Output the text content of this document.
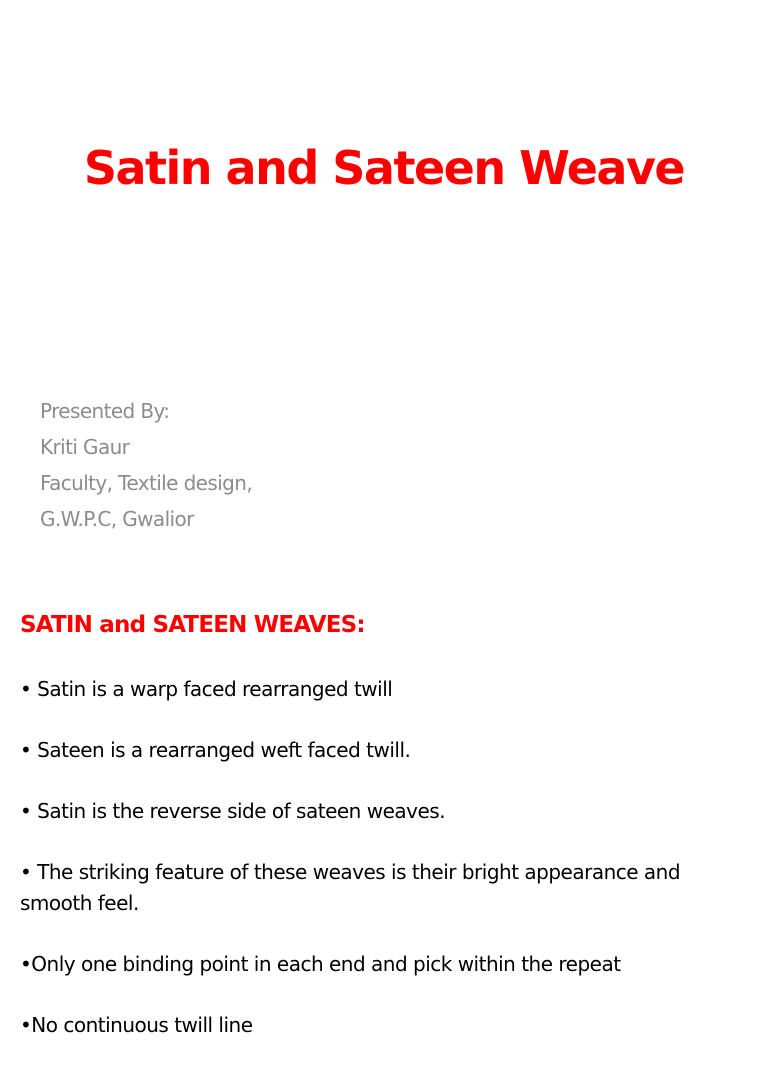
Satin and Sateen Weave
Presented By:
Kriti Gaur
Faculty, Textile design,
G.W.P.C, Gwalior
SATIN and SATEEN WEAVES:
• Satin is a warp faced rearranged twill
• Sateen is a rearranged weft faced twill.
• Satin is the reverse side of sateen weaves.
• The striking feature of these weaves is their bright appearance and smooth feel.
•Only one binding point in each end and pick within the repeat
•No continuous twill line
